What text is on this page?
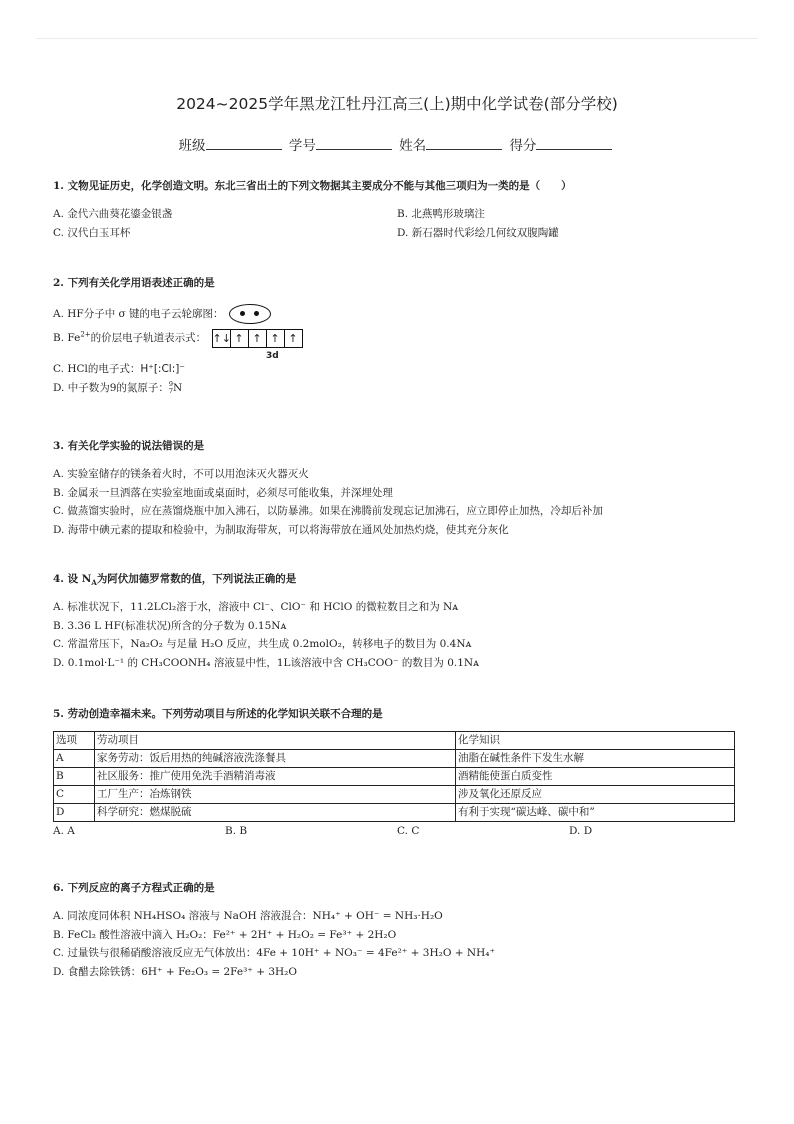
2024~2025学年黑龙江牡丹江高三(上)期中化学试卷(部分学校)
班级	学号	姓名	得分
1. 文物见证历史，化学创造文明。东北三省出土的下列文物据其主要成分不能与其他三项归为一类的是（　　）
A. 金代六曲葵花鎏金银盏	B. 北燕鸭形玻璃注
C. 汉代白玉耳杯	D. 新石器时代彩绘几何纹双腹陶罐
2. 下列有关化学用语表述正确的是
A. HF分子中 σ 键的电子云轮廓图：
B. $Fe^{2+}$的价层电子轨道表示式： ↑↓ ↑ ↑ ↑ ↑
C. HCl的电子式：H⁺[:Cl:]⁻
D. 中子数为9的氮原子： 9
7 N
3d
3. 有关化学实验的说法错误的是
A. 实验室储存的镁条着火时，不可以用泡沫灭火器灭火
B. 金属汞一旦洒落在实验室地面或桌面时，必须尽可能收集，并深埋处理
C. 做蒸馏实验时，应在蒸馏烧瓶中加入沸石，以防暴沸。如果在沸腾前发现忘记加沸石，应立即停止加热，冷却后补加
D. 海带中碘元素的提取和检验中，为制取海带灰，可以将海带放在通风处加热灼烧，使其充分灰化
4. 设 $N_A$为阿伏加德罗常数的值，下列说法正确的是
A. 标准状况下，11.2LCl₂溶于水，溶液中 Cl⁻、ClO⁻ 和 HClO 的微粒数目之和为 Nᴀ
B. 3.36 L HF(标准状况)所含的分子数为 0.15Nᴀ
C. 常温常压下，Na₂O₂ 与足量 H₂O 反应，共生成 0.2molO₂，转移电子的数目为 0.4Nᴀ
D. 0.1mol·L⁻¹ 的 CH₃COONH₄ 溶液显中性，1L该溶液中含 CH₃COO⁻ 的数目为 0.1Nᴀ
5. 劳动创造幸福未来。下列劳动项目与所述的化学知识关联不合理的是
选项	劳动项目	化学知识
A	家务劳动：饭后用热的纯碱溶液洗涤餐具	油脂在碱性条件下发生水解
B	社区服务：推广使用免洗手酒精消毒液	酒精能使蛋白质变性
C	工厂生产：冶炼钢铁	涉及氧化还原反应
D	科学研究：燃煤脱硫	有利于实现“碳达峰、碳中和”
A. A	B. B	C. C	D. D
6. 下列反应的离子方程式正确的是
A. 同浓度同体积 NH₄HSO₄ 溶液与 NaOH 溶液混合：NH₄⁺ + OH⁻ = NH₃·H₂O
B. FeCl₂ 酸性溶液中滴入 H₂O₂：Fe²⁺ + 2H⁺ + H₂O₂ = Fe³⁺ + 2H₂O
C. 过量铁与很稀硝酸溶液反应无气体放出：4Fe + 10H⁺ + NO₃⁻ = 4Fe²⁺ + 3H₂O + NH₄⁺
D. 食醋去除铁锈：6H⁺ + Fe₂O₃ = 2Fe³⁺ + 3H₂O
